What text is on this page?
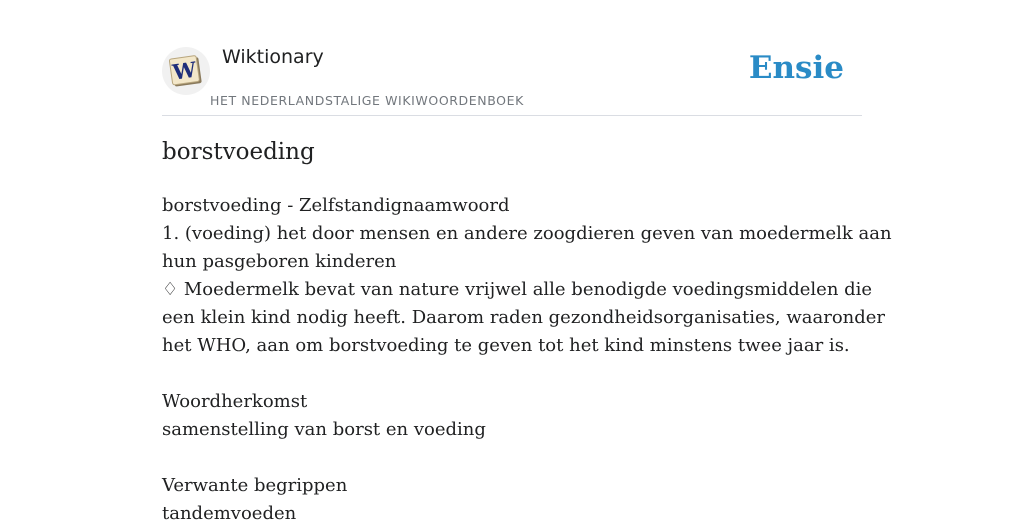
W Wiktionary
HET NEDERLANDSTALIGE WIKIWOORDENBOEK
Ensie
borstvoeding
borstvoeding - Zelfstandignaamwoord
1. (voeding) het door mensen en andere zoogdieren geven van moedermelk aan
hun pasgeboren kinderen
♢ Moedermelk bevat van nature vrijwel alle benodigde voedingsmiddelen die
een klein kind nodig heeft. Daarom raden gezondheidsorganisaties, waaronder
het WHO, aan om borstvoeding te geven tot het kind minstens twee jaar is.
Woordherkomst
samenstelling van borst en voeding
Verwante begrippen
tandemvoeden
